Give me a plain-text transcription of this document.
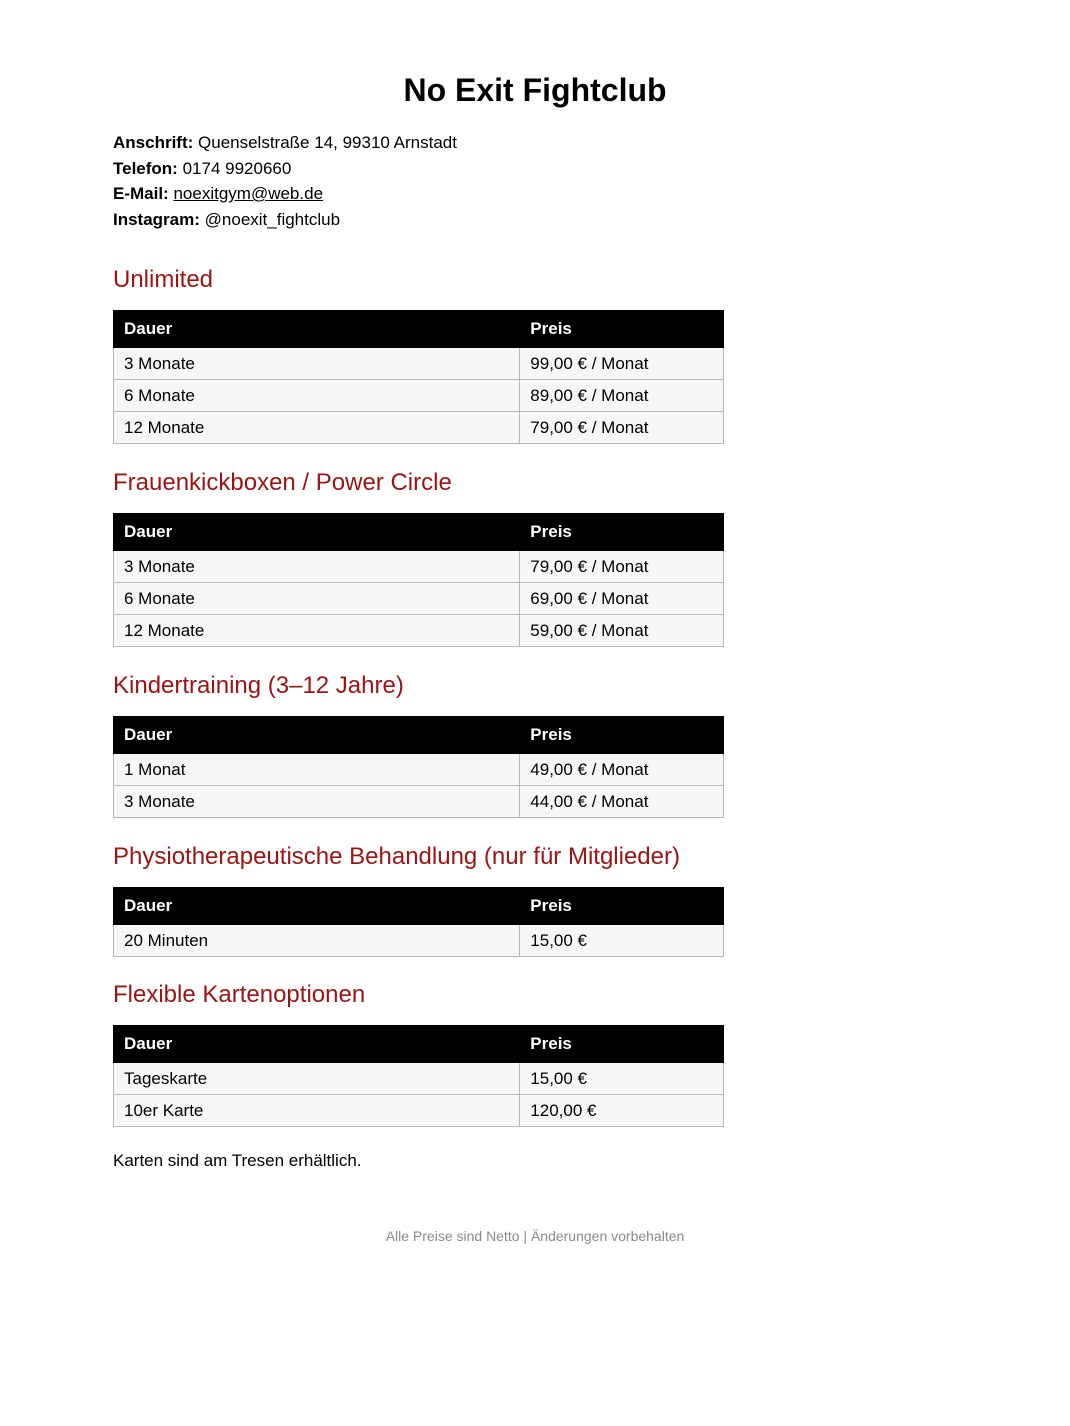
No Exit Fightclub
Anschrift: Quenselstraße 14, 99310 Arnstadt
Telefon: 0174 9920660
E-Mail: noexitgym@web.de
Instagram: @noexit_fightclub
Unlimited
Dauer	Preis
3 Monate	99,00 € / Monat
6 Monate	89,00 € / Monat
12 Monate	79,00 € / Monat
Frauenkickboxen / Power Circle
Dauer	Preis
3 Monate	79,00 € / Monat
6 Monate	69,00 € / Monat
12 Monate	59,00 € / Monat
Kindertraining (3–12 Jahre)
Dauer	Preis
1 Monat	49,00 € / Monat
3 Monate	44,00 € / Monat
Physiotherapeutische Behandlung (nur für Mitglieder)
Dauer	Preis
20 Minuten	15,00 €
Flexible Kartenoptionen
Dauer	Preis
Tageskarte	15,00 €
10er Karte	120,00 €

Karten sind am Tresen erhältlich.

Alle Preise sind Netto | Änderungen vorbehalten
